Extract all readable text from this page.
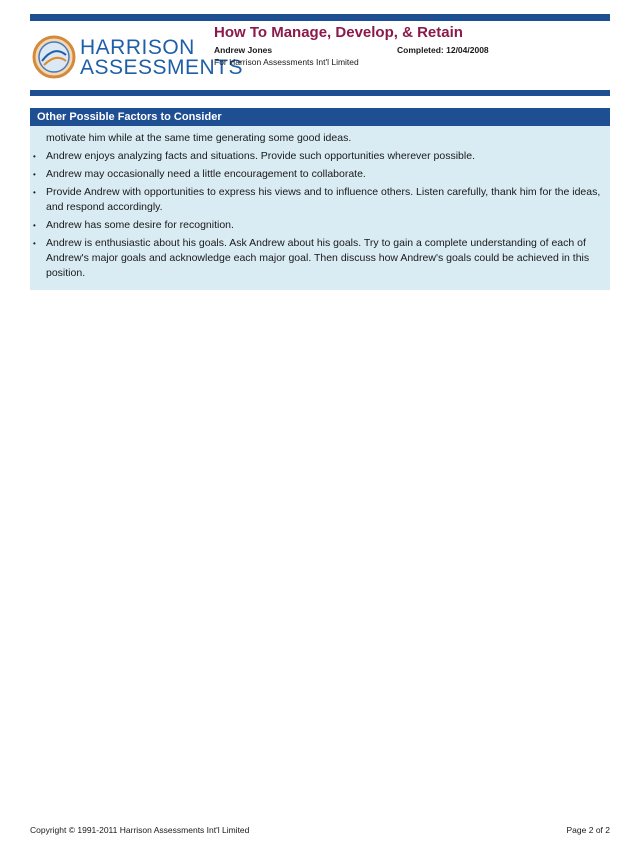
HARRISON
ASSESSMENTS
How To Manage, Develop, & Retain
Andrew Jones	Completed: 12/04/2008
For Harrison Assessments Int'l Limited
Other Possible Factors to Consider
motivate him while at the same time generating some good ideas.
• Andrew enjoys analyzing facts and situations. Provide such opportunities wherever possible.
• Andrew may occasionally need a little encouragement to collaborate.
• Provide Andrew with opportunities to express his views and to influence others. Listen carefully, thank him for the ideas, and respond accordingly.
• Andrew has some desire for recognition.
• Andrew is enthusiastic about his goals. Ask Andrew about his goals. Try to gain a complete understanding of each of Andrew's major goals and acknowledge each major goal. Then discuss how Andrew's goals could be achieved in this position.
Copyright © 1991-2011 Harrison Assessments Int'l Limited	Page 2 of 2
